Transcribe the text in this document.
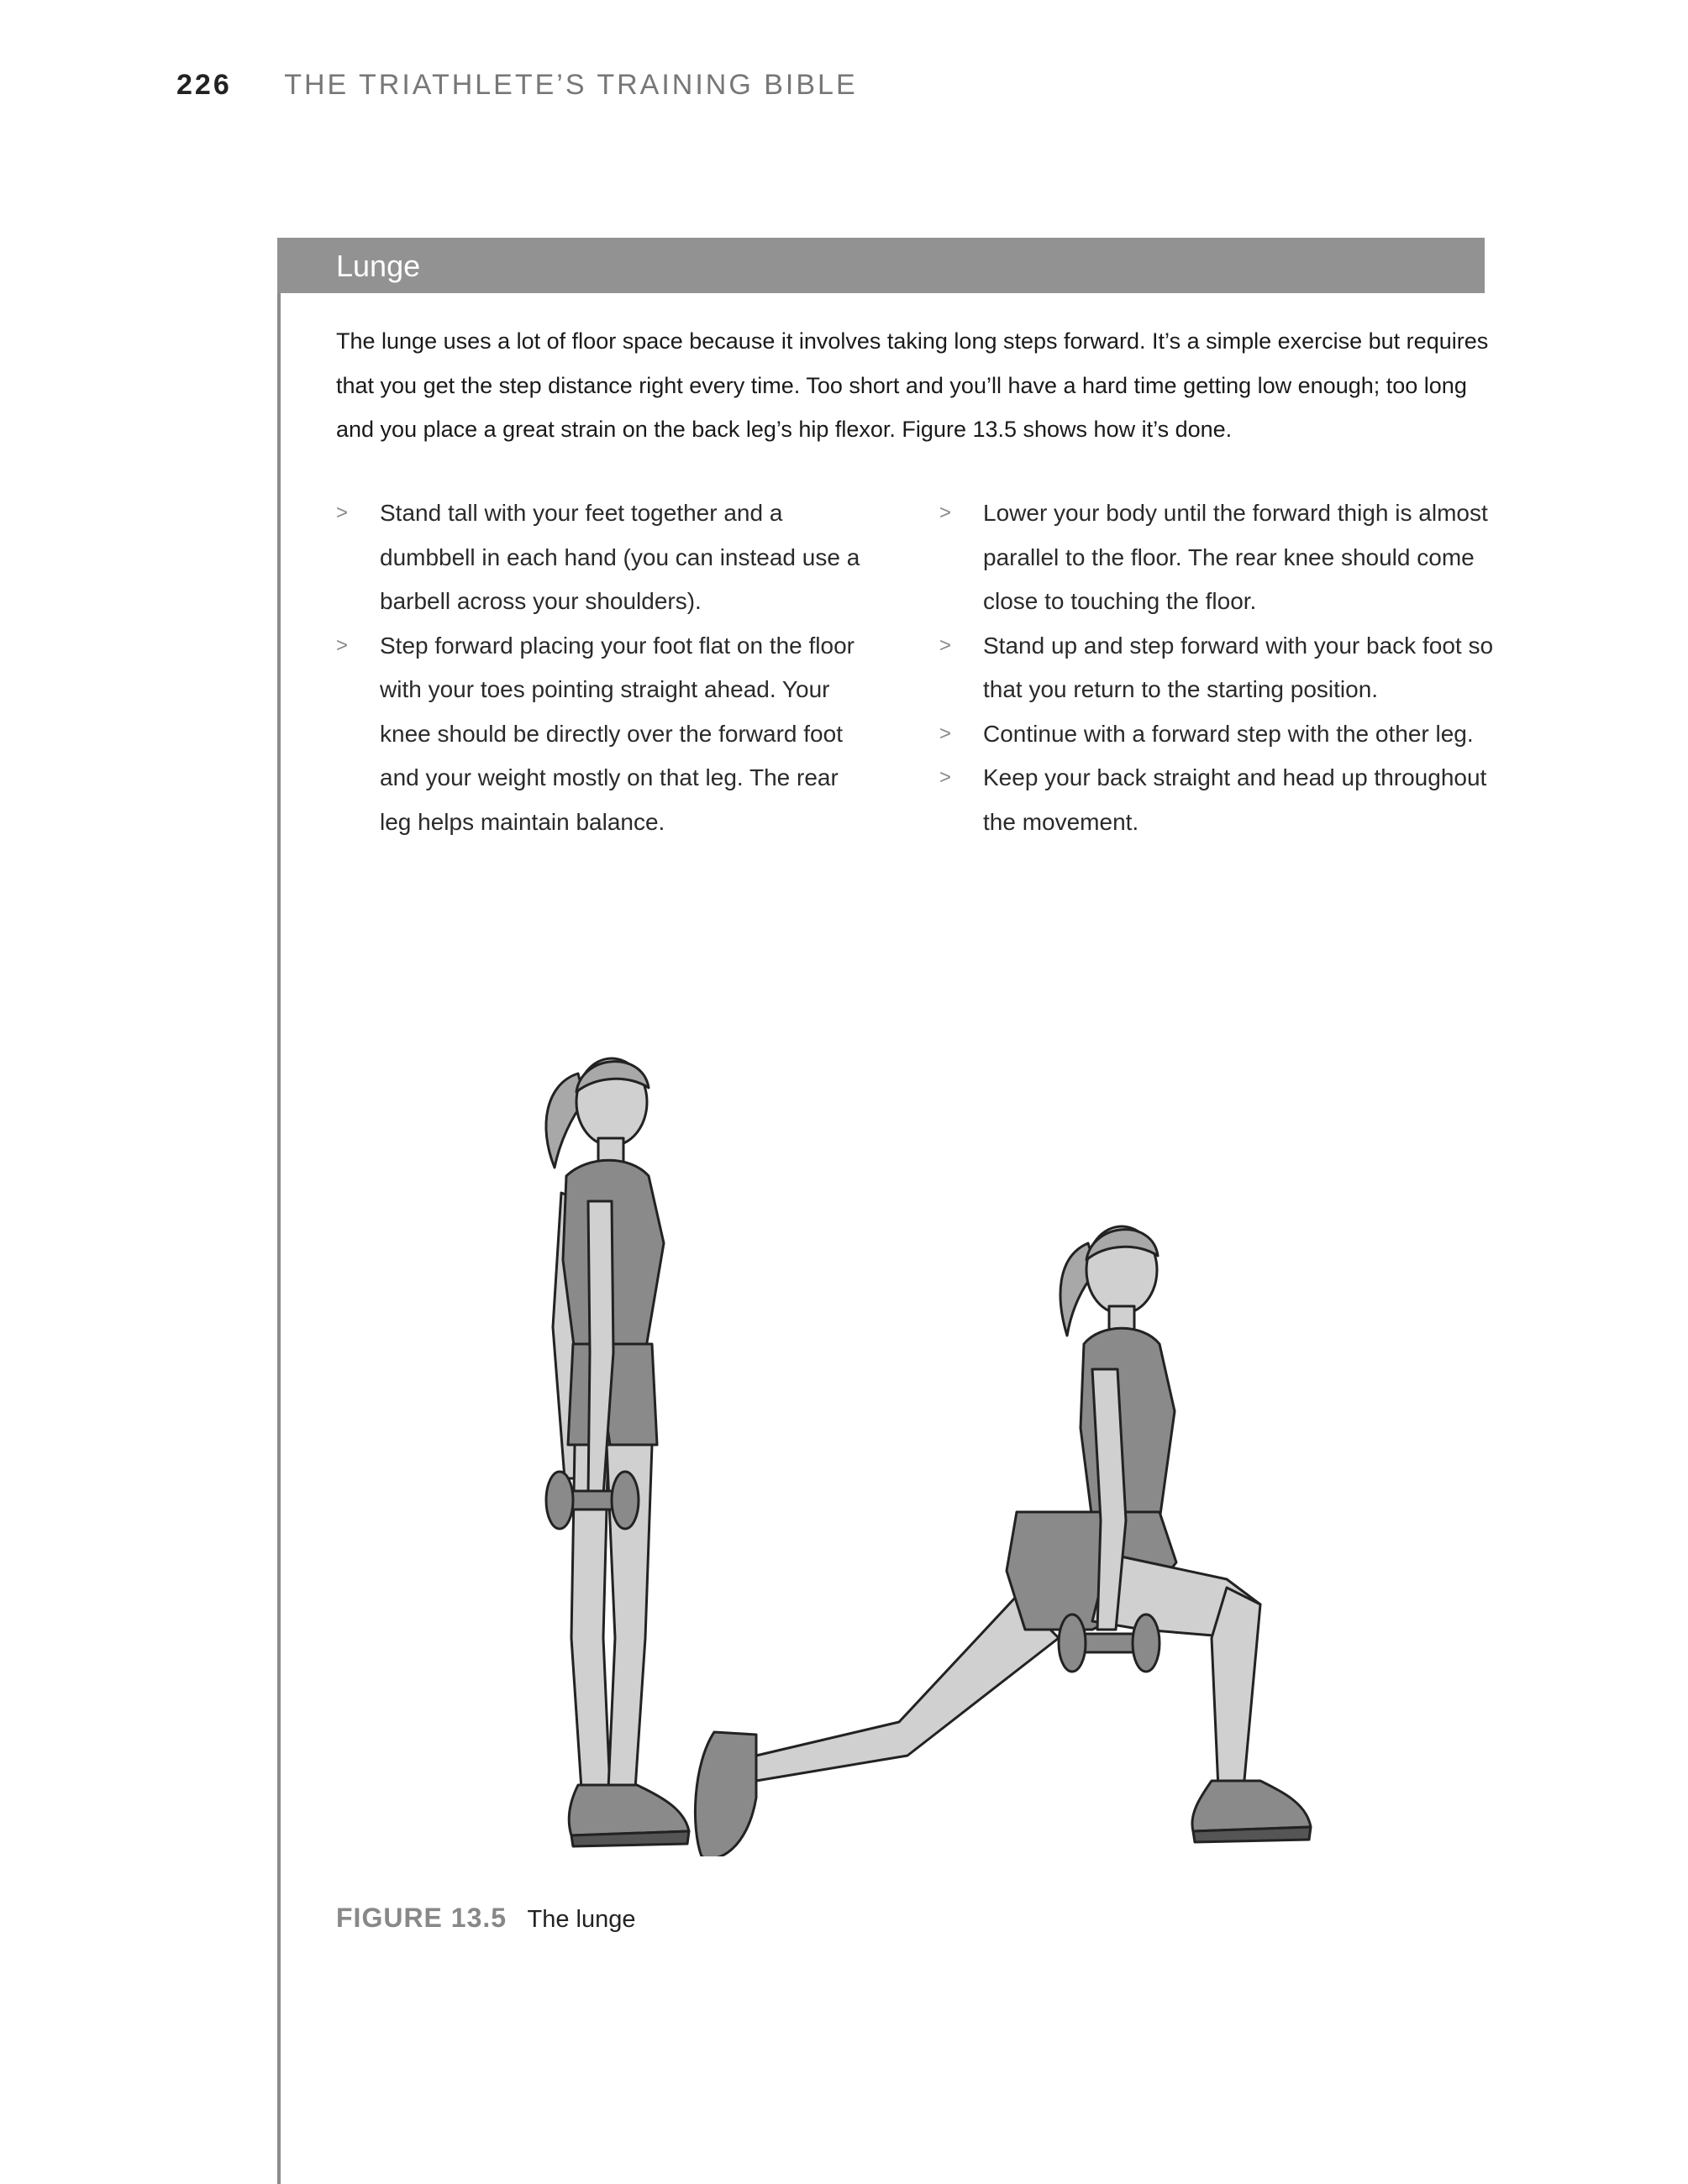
226 THE TRIATHLETE’S TRAINING BIBLE
Lunge

The lunge uses a lot of floor space because it involves taking long steps forward. It’s a simple exercise but requires that you get the step distance right every time. Too short and you’ll have a hard time getting low enough; too long and you place a great strain on the back leg’s hip flexor. Figure 13.5 shows how it’s done.

> Stand tall with your feet together and a dumbbell in each hand (you can instead use a barbell across your shoulders).
> Step forward placing your foot flat on the floor with your toes pointing straight ahead. Your knee should be directly over the forward foot and your weight mostly on that leg. The rear leg helps maintain balance.
> Lower your body until the forward thigh is almost parallel to the floor. The rear knee should come close to touching the floor.
> Stand up and step forward with your back foot so that you return to the starting position.
> Continue with a forward step with the other leg.
> Keep your back straight and head up throughout the movement.
FIGURE 13.5 The lunge
